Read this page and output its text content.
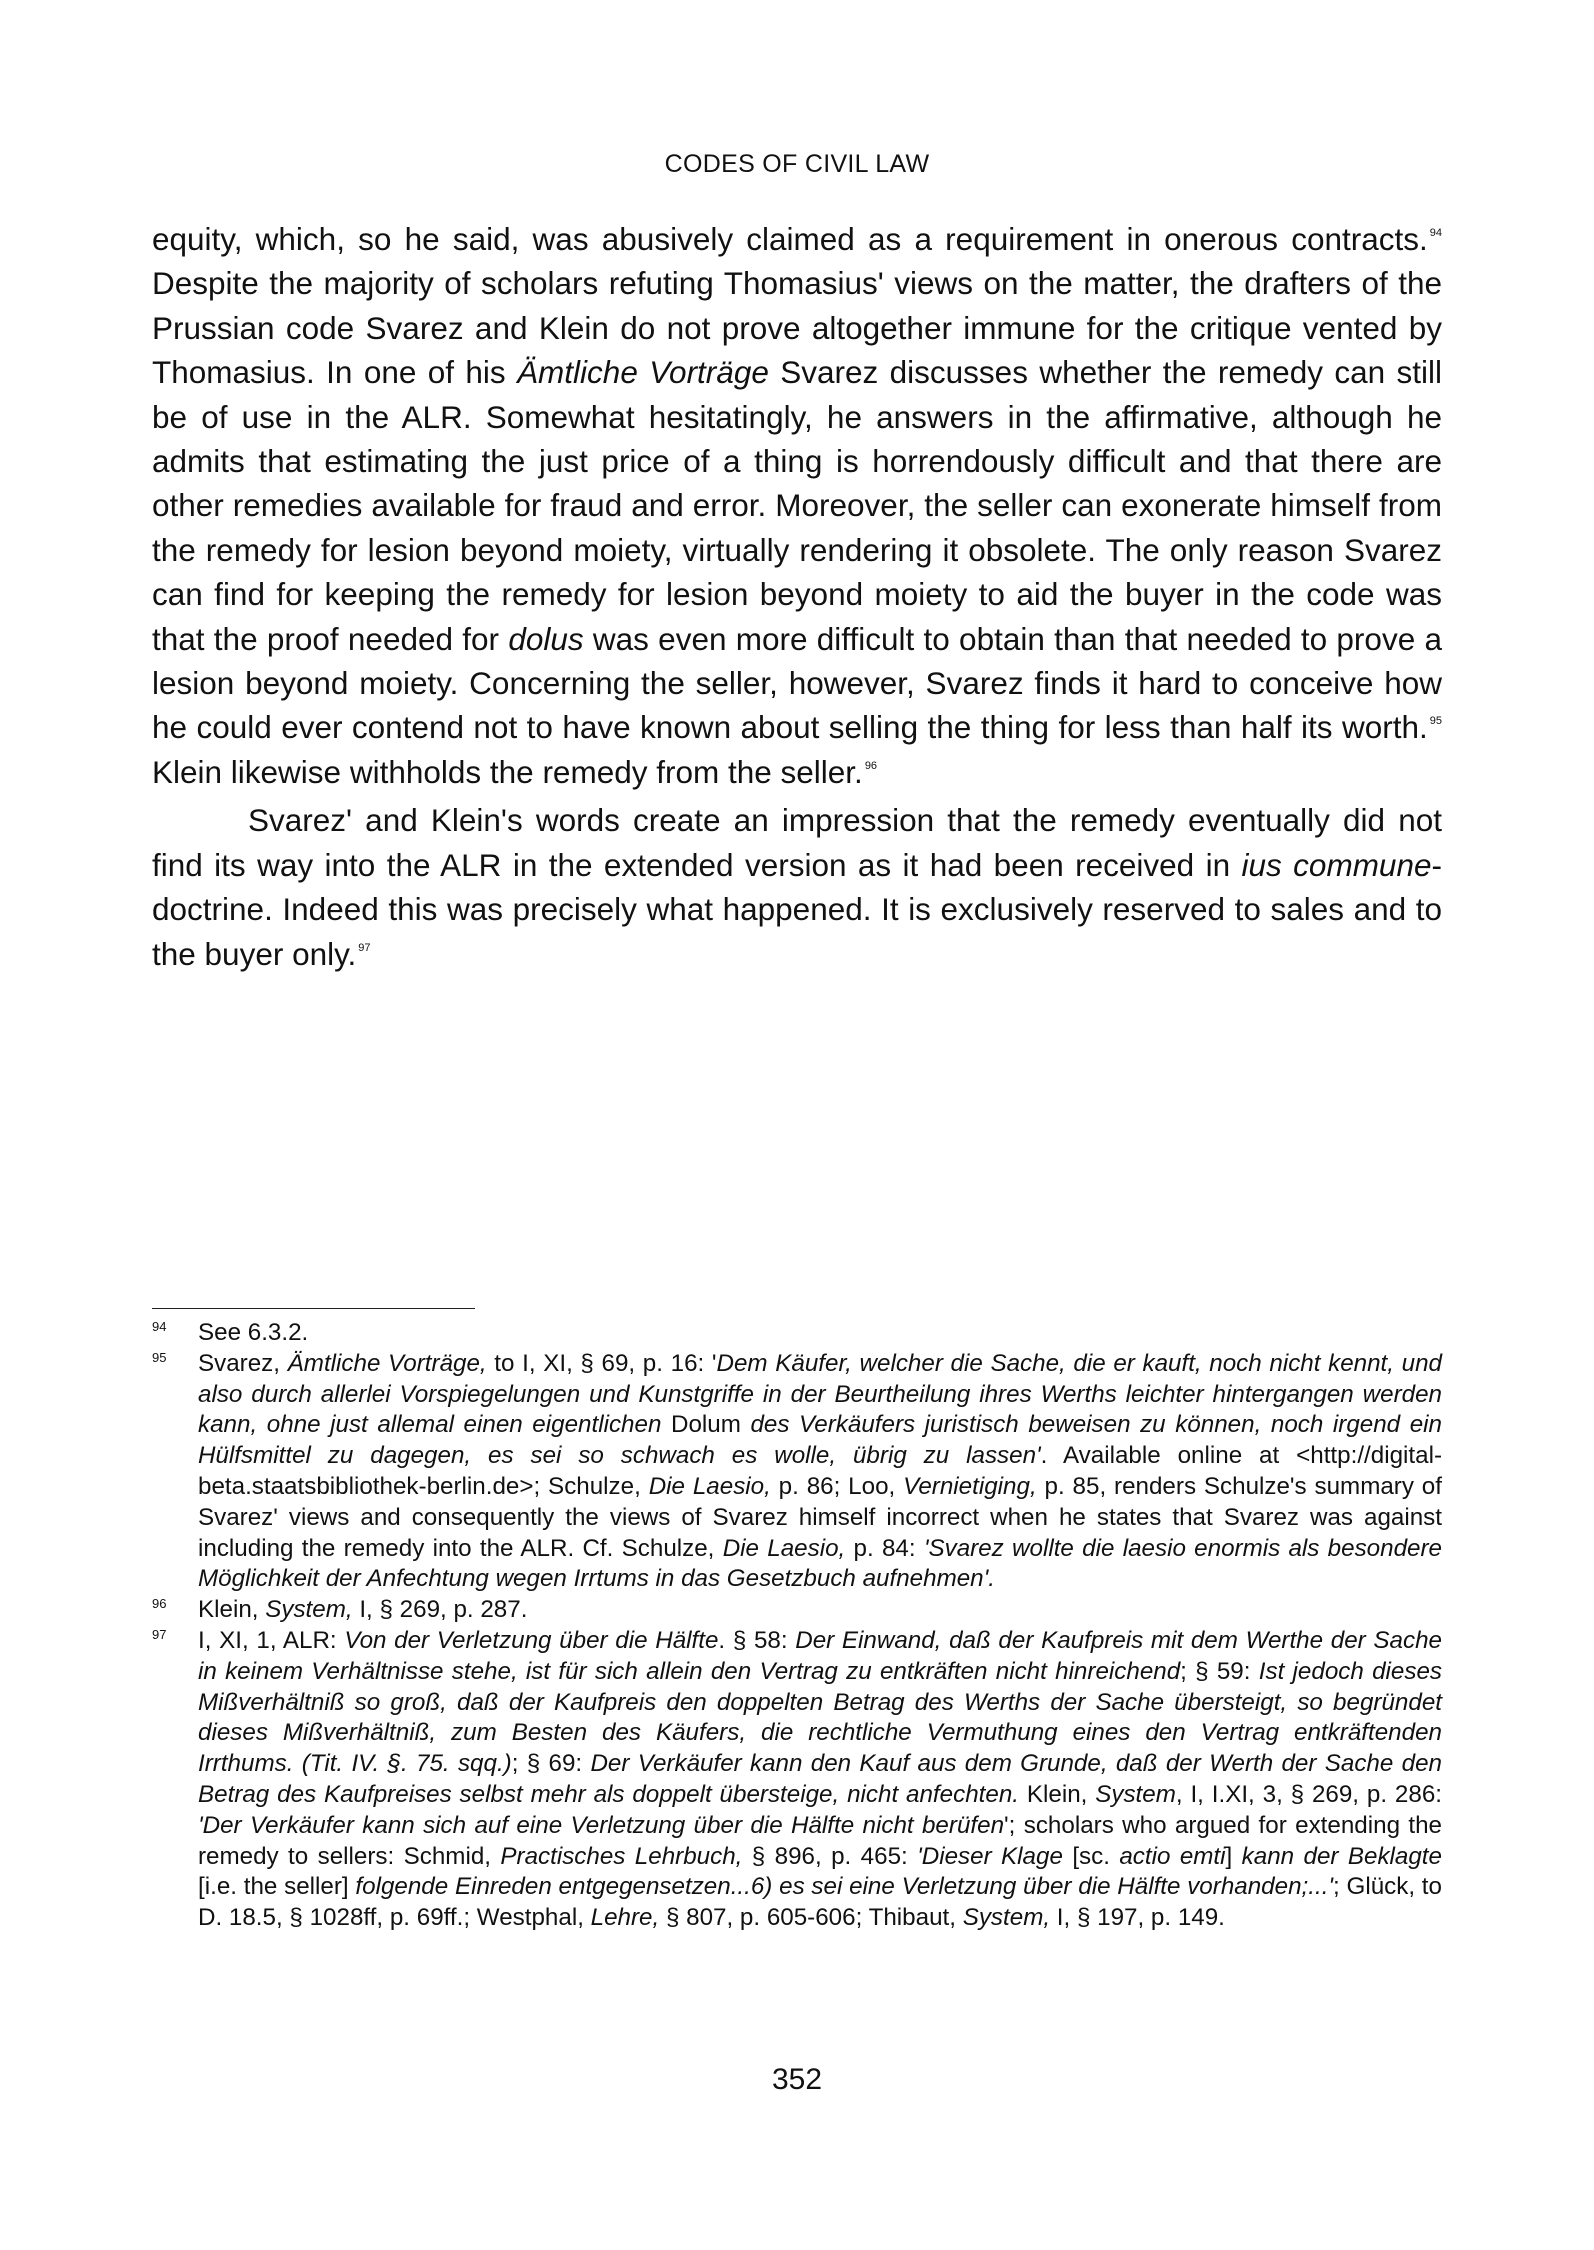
CODES OF CIVIL LAW

equity, which, so he said, was abusively claimed as a requirement in onerous contracts. $^{94}$ Despite the majority of scholars refuting Thomasius' views on the matter, the drafters of the Prussian code Svarez and Klein do not prove altogether immune for the critique vented by Thomasius. In one of his Ämtliche Vorträge Svarez discusses whether the remedy can still be of use in the ALR. Somewhat hesitatingly, he answers in the affirmative, although he admits that estimating the just price of a thing is horrendously difficult and that there are other remedies available for fraud and error. Moreover, the seller can exonerate himself from the remedy for lesion beyond moiety, virtually rendering it obsolete. The only reason Svarez can find for keeping the remedy for lesion beyond moiety to aid the buyer in the code was that the proof needed for dolus was even more difficult to obtain than that needed to prove a lesion beyond moiety. Concerning the seller, however, Svarez finds it hard to conceive how he could ever contend not to have known about selling the thing for less than half its worth. $^{95}$ Klein likewise withholds the remedy from the seller. $^{96}$

Svarez' and Klein's words create an impression that the remedy eventually did not find its way into the ALR in the extended version as it had been received in ius commune-doctrine. Indeed this was precisely what happened. It is exclusively reserved to sales and to the buyer only. $^{97}$

94 See 6.3.2.
95 Svarez, Ämtliche Vorträge, to I, XI, § 69, p. 16: 'Dem Käufer, welcher die Sache, die er kauft, noch nicht kennt, und also durch allerlei Vorspiegelungen und Kunstgriffe in der Beurtheilung ihres Werths leichter hintergangen werden kann, ohne just allemal einen eigentlichen Dolum des Verkäufers juristisch beweisen zu können, noch irgend ein Hülfsmittel zu dagegen, es sei so schwach es wolle, übrig zu lassen'. Available online at <http://digital-beta.staatsbibliothek-berlin.de>; Schulze, Die Laesio, p. 86; Loo, Vernietiging, p. 85, renders Schulze's summary of Svarez' views and consequently the views of Svarez himself incorrect when he states that Svarez was against including the remedy into the ALR. Cf. Schulze, Die Laesio, p. 84: 'Svarez wollte die laesio enormis als besondere Möglichkeit der Anfechtung wegen Irrtums in das Gesetzbuch aufnehmen'.
96 Klein, System, I, § 269, p. 287.
97 I, XI, 1, ALR: Von der Verletzung über die Hälfte. § 58: Der Einwand, daß der Kaufpreis mit dem Werthe der Sache in keinem Verhältnisse stehe, ist für sich allein den Vertrag zu entkräften nicht hinreichend; § 59: Ist jedoch dieses Mißverhältniß so groß, daß der Kaufpreis den doppelten Betrag des Werths der Sache übersteigt, so begründet dieses Mißverhältniß, zum Besten des Käufers, die rechtliche Vermuthung eines den Vertrag entkräftenden Irrthums. (Tit. IV. §. 75. sqq.); § 69: Der Verkäufer kann den Kauf aus dem Grunde, daß der Werth der Sache den Betrag des Kaufpreises selbst mehr als doppelt übersteige, nicht anfechten. Klein, System, I, I.XI, 3, § 269, p. 286: 'Der Verkäufer kann sich auf eine Verletzung über die Hälfte nicht berüfen'; scholars who argued for extending the remedy to sellers: Schmid, Practisches Lehrbuch, § 896, p. 465: 'Dieser Klage [sc. actio emti] kann der Beklagte [i.e. the seller] folgende Einreden entgegensetzen...6) es sei eine Verletzung über die Hälfte vorhanden;...'; Glück, to D. 18.5, § 1028ff, p. 69ff.; Westphal, Lehre, § 807, p. 605-606; Thibaut, System, I, § 197, p. 149.
352
